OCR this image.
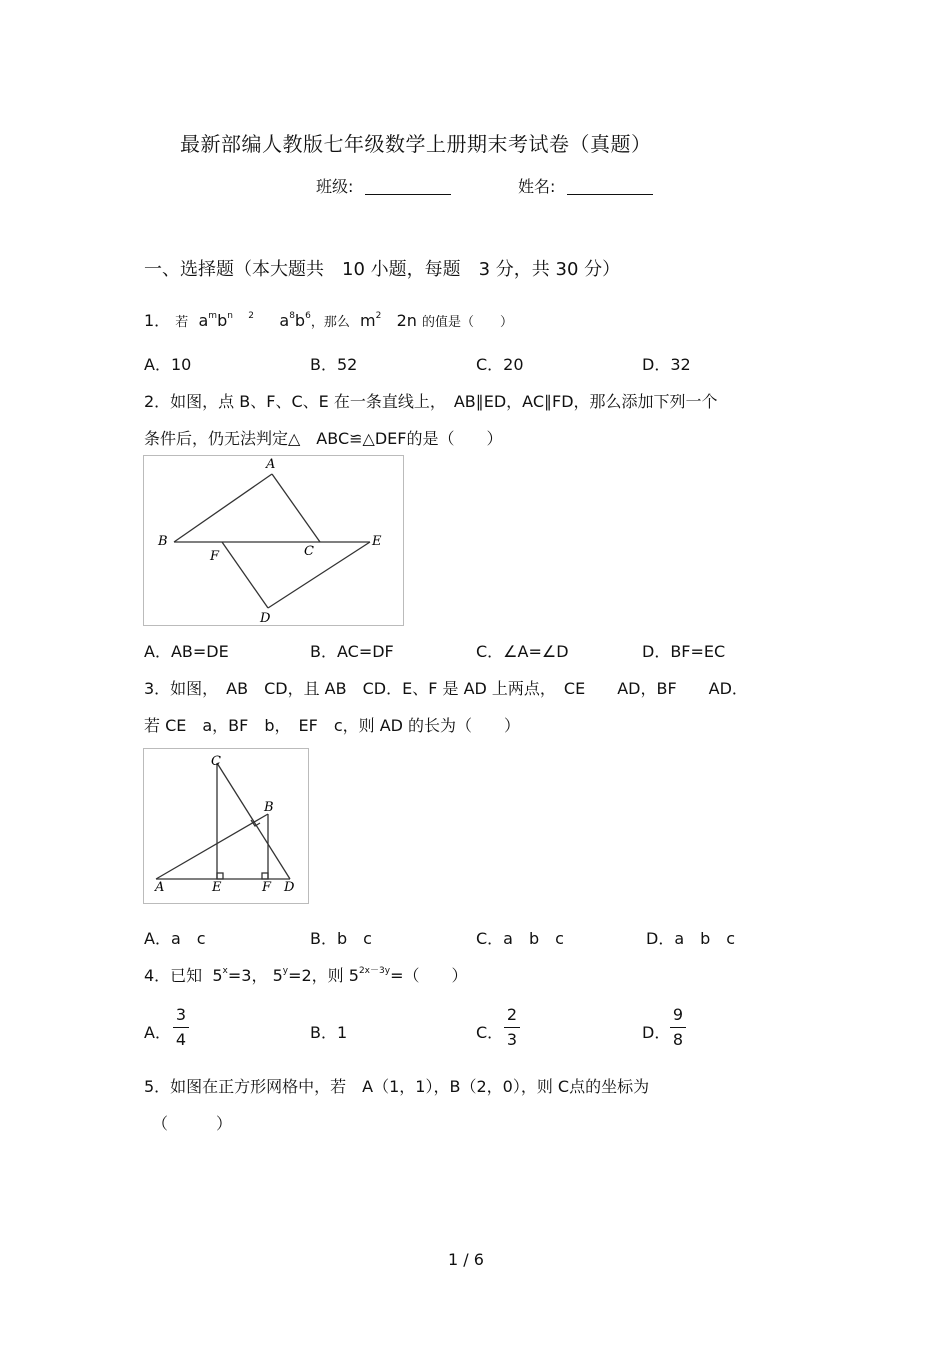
最新部编人教版七年级数学上册期末考试卷（真题）
班级:	姓名:
一、选择题（本大题共　10 小题，每题　3 分，共 30 分）
1． 若 $a^mb^n$ $^2$ $a^8b^6$，那么 $m^2$ 2n 的值是（　　）
A．10	B．52	C．20	D．32
2．如图，点 B、F、C、E 在一条直线上，　AB∥ED，AC∥FD，那么添加下列一个
条件后，仍无法判定△　ABC≌△DEF的是（　　）
A
B
C
D
E
F
A．AB=DE	B．AC=DF	C．∠A=∠D	D．BF=EC
3．如图，　AB　CD，且 AB　CD．E、F 是 AD 上两点，　CE　　AD，BF　　AD．
若 CE　a，BF　b，　EF　c，则 AD 的长为（　　）
C
B
A	E	F D
A．a　c	B．b　c	C．a　b　c	D．a　b　c
4．已知 $5^x=3$， $5^y=2$，则 $5^{2x-3y}=$（　　）
A．
3
4	B．1	C．
2
3	D．
9
8
5．如图在正方形网格中，若　A（1，1），B（2，0），则 C点的坐标为
（　　　）
1 / 6
